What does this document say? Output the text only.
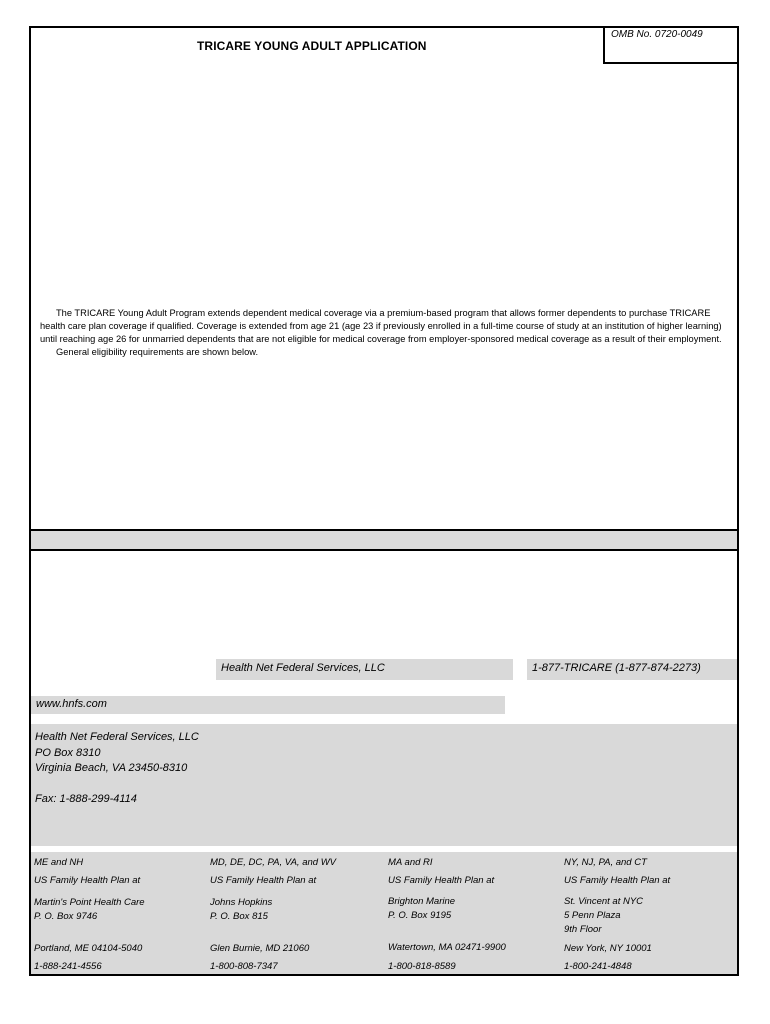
OMB No. 0720-0049
TRICARE YOUNG ADULT APPLICATION

The TRICARE Young Adult Program extends dependent medical coverage via a premium-based program that allows former dependents to purchase TRICARE health care plan coverage if qualified. Coverage is extended from age 21 (age 23 if previously enrolled in a full-time course of study at an institution of higher learning) until reaching age 26 for unmarried dependents that are not eligible for medical coverage from employer-sponsored medical coverage as a result of their employment.

General eligibility requirements are shown below.

Health Net Federal Services, LLC	1-877-TRICARE (1-877-874-2273)
www.hnfs.com
Health Net Federal Services, LLC
PO Box 8310
Virginia Beach, VA 23450-8310
Fax: 1-888-299-4114
ME and NH
US Family Health Plan at
Martin's Point Health Care
P. O. Box 9746
Portland, ME 04104-5040
1-888-241-4556
MD, DE, DC, PA, VA, and WV
US Family Health Plan at
Johns Hopkins
P. O. Box 815
Glen Burnie, MD 21060
1-800-808-7347
MA and RI
US Family Health Plan at
Brighton Marine
P. O. Box 9195
Watertown, MA 02471-9900
1-800-818-8589
NY, NJ, PA, and CT
US Family Health Plan at
St. Vincent at NYC
5 Penn Plaza
9th Floor
New York, NY 10001
1-800-241-4848
